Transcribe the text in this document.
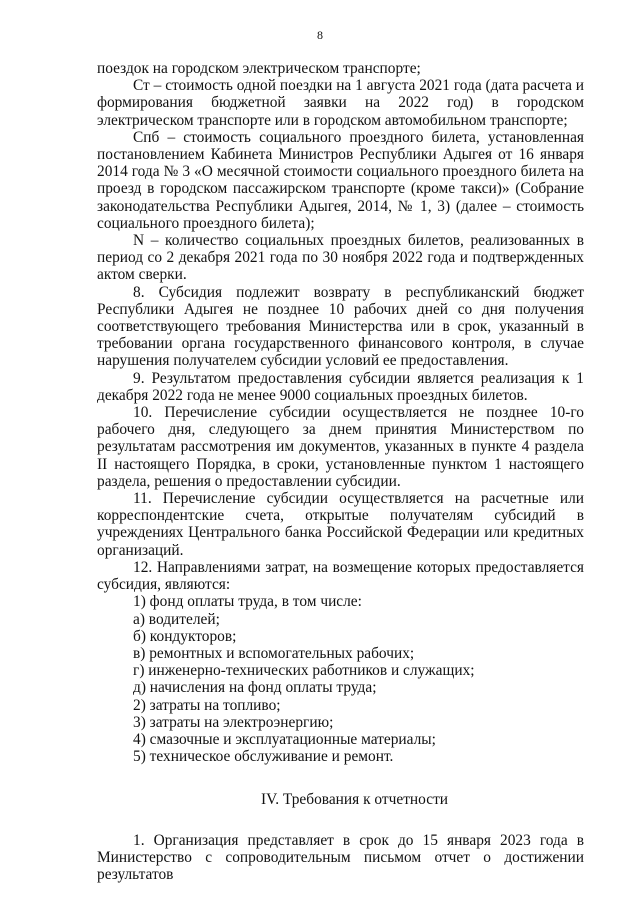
8

поездок на городском электрическом транспорте;

Ст – стоимость одной поездки на 1 августа 2021 года (дата расчета и формирования бюджетной заявки на 2022 год) в городском электрическом транспорте или в городском автомобильном транспорте;

Спб – стоимость социального проездного билета, установленная постановлением Кабинета Министров Республики Адыгея от 16 января 2014 года № 3 «О месячной стоимости социального проездного билета на проезд в городском пассажирском транспорте (кроме такси)» (Собрание законодательства Республики Адыгея, 2014, № 1, 3) (далее – стоимость социального проездного билета);

N – количество социальных проездных билетов, реализованных в период со 2 декабря 2021 года по 30 ноября 2022 года и подтвержденных актом сверки.

8. Субсидия подлежит возврату в республиканский бюджет Республики Адыгея не позднее 10 рабочих дней со дня получения соответствующего требования Министерства или в срок, указанный в требовании органа государственного финансового контроля, в случае нарушения получателем субсидии условий ее предоставления.

9. Результатом предоставления субсидии является реализация к 1 декабря 2022 года не менее 9000 социальных проездных билетов.

10. Перечисление субсидии осуществляется не позднее 10-го рабочего дня, следующего за днем принятия Министерством по результатам рассмотрения им документов, указанных в пункте 4 раздела II настоящего Порядка, в сроки, установленные пунктом 1 настоящего раздела, решения о предоставлении субсидии.

11. Перечисление субсидии осуществляется на расчетные или корреспондентские счета, открытые получателям субсидий в учреждениях Центрального банка Российской Федерации или кредитных организаций.

12. Направлениями затрат, на возмещение которых предоставляется субсидия, являются:

1) фонд оплаты труда, в том числе:

а) водителей;

б) кондукторов;

в) ремонтных и вспомогательных рабочих;

г) инженерно-технических работников и служащих;

д) начисления на фонд оплаты труда;

2) затраты на топливо;

3) затраты на электроэнергию;

4) смазочные и эксплуатационные материалы;

5) техническое обслуживание и ремонт.

IV. Требования к отчетности

1. Организация представляет в срок до 15 января 2023 года в Министерство с сопроводительным письмом отчет о достижении результатов
